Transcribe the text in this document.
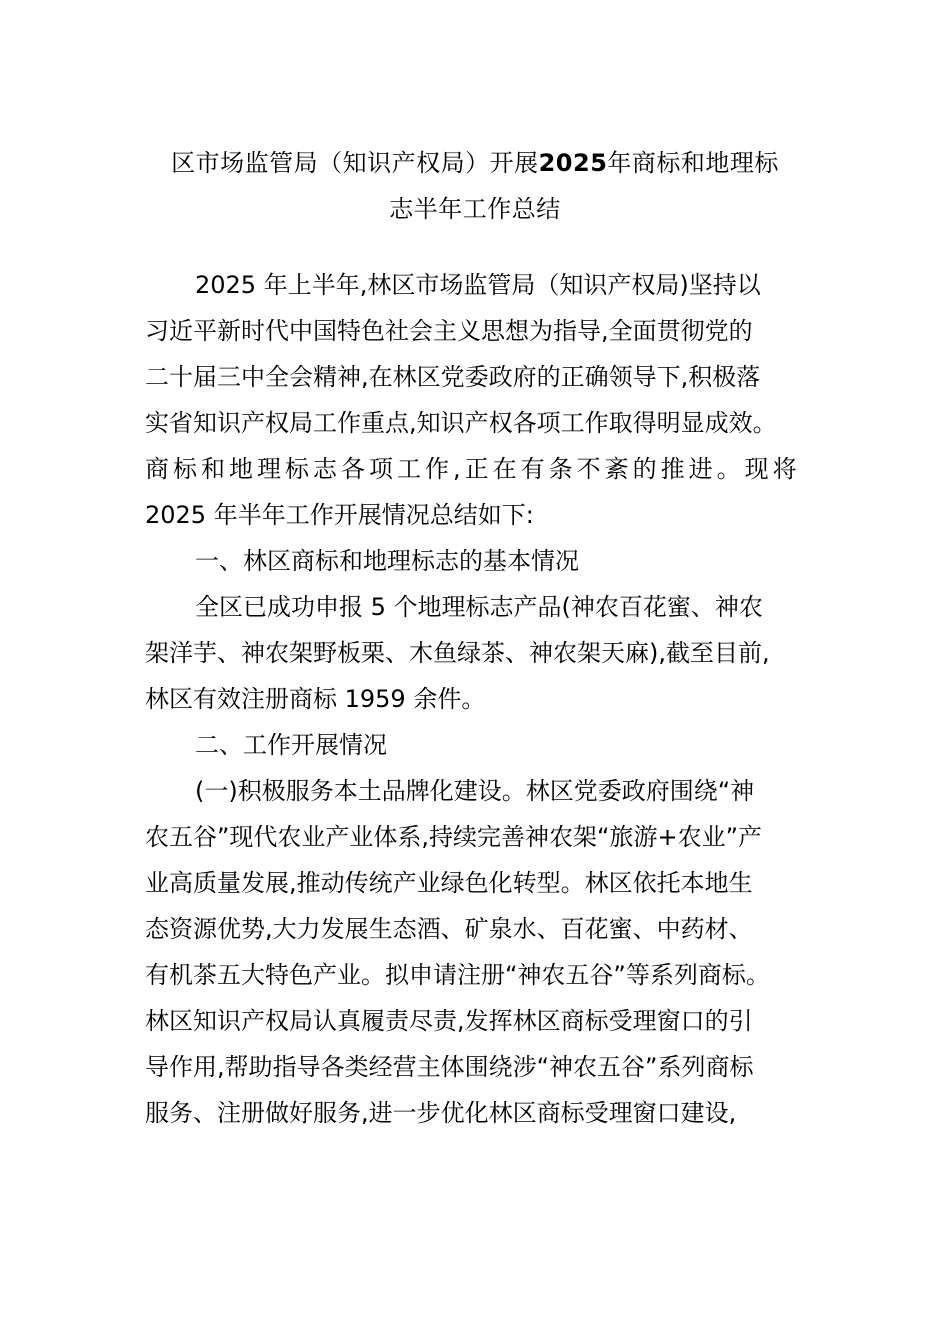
区市场监管局（知识产权局）开展2025年商标和地理标
志半年工作总结
2025 年上半年,林区市场监管局（知识产权局)坚持以
习近平新时代中国特色社会主义思想为指导,全面贯彻党的
二十届三中全会精神,在林区党委政府的正确领导下,积极落
实省知识产权局工作重点,知识产权各项工作取得明显成效。
商标和地理标志各项工作,正在有条不紊的推进。现将
2025 年半年工作开展情况总结如下:
一、林区商标和地理标志的基本情况
全区已成功申报 5 个地理标志产品(神农百花蜜、神农
架洋芋、神农架野板栗、木鱼绿茶、神农架天麻),截至目前,
林区有效注册商标 1959 余件。
二、工作开展情况
(一)积极服务本土品牌化建设。林区党委政府围绕“神
农五谷”现代农业产业体系,持续完善神农架“旅游+农业”产
业高质量发展,推动传统产业绿色化转型。林区依托本地生
态资源优势,大力发展生态酒、矿泉水、百花蜜、中药材、
有机茶五大特色产业。拟申请注册“神农五谷”等系列商标。
林区知识产权局认真履责尽责,发挥林区商标受理窗口的引
导作用,帮助指导各类经营主体围绕涉“神农五谷”系列商标
服务、注册做好服务,进一步优化林区商标受理窗口建设,
